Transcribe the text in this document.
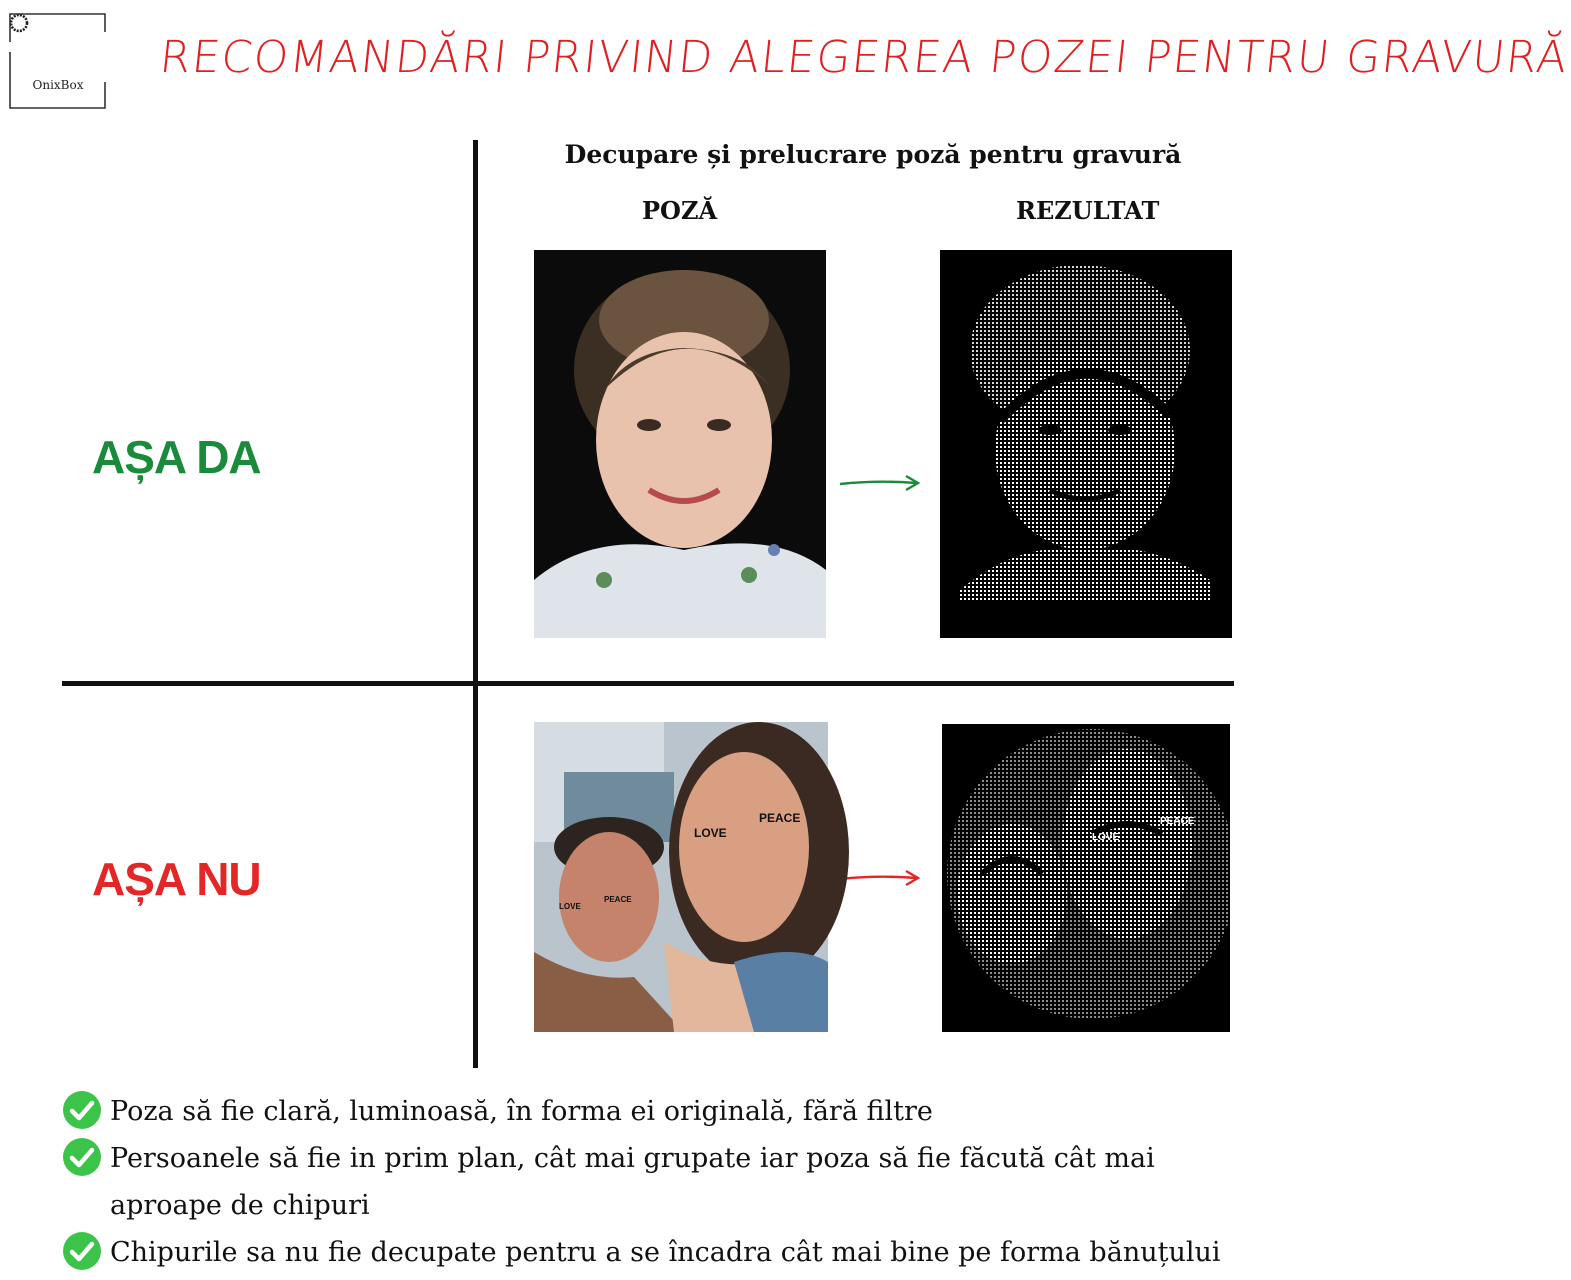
OnixBox
RECOMANDĂRI PRIVIND ALEGEREA POZEI PENTRU GRAVURĂ
Decupare și prelucrare poză pentru gravură
POZĂ	REZULTAT
AȘA DA
AȘA NU
LOVE
PEACE
LOVE
PEACE
LOVE
PEACE
Poza să fie clară, luminoasă, în forma ei originală, fără filtre
Persoanele să fie in prim plan, cât mai grupate iar poza să fie făcută cât mai aproape de chipuri
Chipurile sa nu fie decupate pentru a se încadra cât mai bine pe forma bănuțului
